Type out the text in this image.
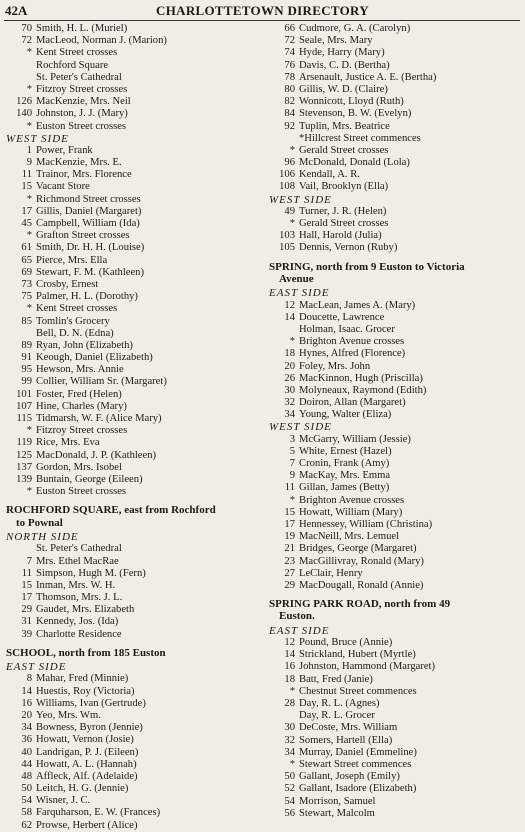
42A	CHARLOTTETOWN DIRECTORY
70 Smith, H. L. (Muriel)
72 MacLeod, Norman J. (Marion)
* Kent Street crosses
Rochford Square
St. Peter's Cathedral
* Fitzroy Street crosses
126 MacKenzie, Mrs. Neil
140 Johnston, J. J. (Mary)
* Euston Street crosses
WEST SIDE
1 Power, Frank
9 MacKenzie, Mrs. E.
11 Trainor, Mrs. Florence
15 Vacant Store
* Richmond Street crosses
17 Gillis, Daniel (Margaret)
45 Campbell, William (Ida)
* Grafton Street crosses
61 Smith, Dr. H. H. (Louise)
65 Pierce, Mrs. Ella
69 Stewart, F. M. (Kathleen)
73 Crosby, Ernest
75 Palmer, H. L. (Dorothy)
* Kent Street crosses
85 Tomlin's Grocery
Bell, D. N. (Edna)
89 Ryan, John (Elizabeth)
91 Keough, Daniel (Elizabeth)
95 Hewson, Mrs. Annie
99 Collier, William Sr. (Margaret)
101 Foster, Fred (Helen)
107 Hine, Charles (Mary)
115 Tidmarsh, W. F. (Alice Mary)
* Fitzroy Street crosses
119 Rice, Mrs. Eva
125 MacDonald, J. P. (Kathleen)
137 Gordon, Mrs. Isobel
139 Buntain, George (Eileen)
* Euston Street crosses
ROCHFORD SQUARE, east from Rochford
to Pownal
NORTH SIDE
St. Peter's Cathedral
7 Mrs. Ethel MacRae
11 Simpson, Hugh M. (Fern)
15 Inman, Mrs. W. H.
17 Thomson, Mrs. J. L.
29 Gaudet, Mrs. Elizabeth
31 Kennedy, Jos. (Ida)
39 Charlotte Residence
SCHOOL, north from 185 Euston
EAST SIDE
8 Mahar, Fred (Minnie)
14 Huestis, Roy (Victoria)
16 Williams, Ivan (Gertrude)
20 Yeo, Mrs. Wm.
34 Bowness, Byron (Jennie)
36 Howatt, Vernon (Josie)
40 Landrigan, P. J. (Eileen)
44 Howatt, A. L. (Hannah)
48 Affleck, Alf. (Adelaide)
50 Leitch, H. G. (Jennie)
54 Wisner, J. C.
58 Farquharson, E. W. (Frances)
62 Prowse, Herbert (Alice)
66 Cudmore, G. A. (Carolyn)
72 Seale, Mrs. Mary
74 Hyde, Harry (Mary)
76 Davis, C. D. (Bertha)
78 Arsenault, Justice A. E. (Bertha)
80 Gillis, W. D. (Claire)
82 Wonnicott, Lloyd (Ruth)
84 Stevenson, B. W. (Evelyn)
92 Tuplin, Mrs. Beatrice
*Hillcrest Street commences
* Gerald Street crosses
96 McDonald, Donald (Lola)
106 Kendall, A. R.
108 Vail, Brooklyn (Ella)
WEST SIDE
49 Turner, J. R. (Helen)
* Gerald Street crosses
103 Hall, Harold (Julia)
105 Dennis, Vernon (Ruby)
SPRING, north from 9 Euston to Victoria
Avenue
EAST SIDE
12 MacLean, James A. (Mary)
14 Doucette, Lawrence
Holman, Isaac. Grocer
* Brighton Avenue crosses
18 Hynes, Alfred (Florence)
20 Foley, Mrs. John
26 MacKinnon, Hugh (Priscilla)
30 Molyneaux, Raymond (Edith)
32 Doiron, Allan (Margaret)
34 Young, Walter (Eliza)
WEST SIDE
3 McGarry, William (Jessie)
5 White, Ernest (Hazel)
7 Cronin, Frank (Amy)
9 MacKay, Mrs. Emma
11 Gillan, James (Betty)
* Brighton Avenue crosses
15 Howatt, William (Mary)
17 Hennessey, William (Christina)
19 MacNeill, Mrs. Lemuel
21 Bridges, George (Margaret)
23 MacGillivray, Ronald (Mary)
27 LeClair, Henry
29 MacDougall, Ronald (Annie)
SPRING PARK ROAD, north from 49
Euston.
EAST SIDE
12 Pound, Bruce (Annie)
14 Strickland, Hubert (Myrtle)
16 Johnston, Hammond (Margaret)
18 Batt, Fred (Janie)
* Chestnut Street commences
28 Day, R. L. (Agnes)
Day, R. L. Grocer
30 DeCoste, Mrs. William
32 Somers, Hartell (Ella)
34 Murray, Daniel (Emmeline)
* Stewart Street commences
50 Gallant, Joseph (Emily)
52 Gallant, Isadore (Elizabeth)
54 Morrison, Samuel
56 Stewart, Malcolm
